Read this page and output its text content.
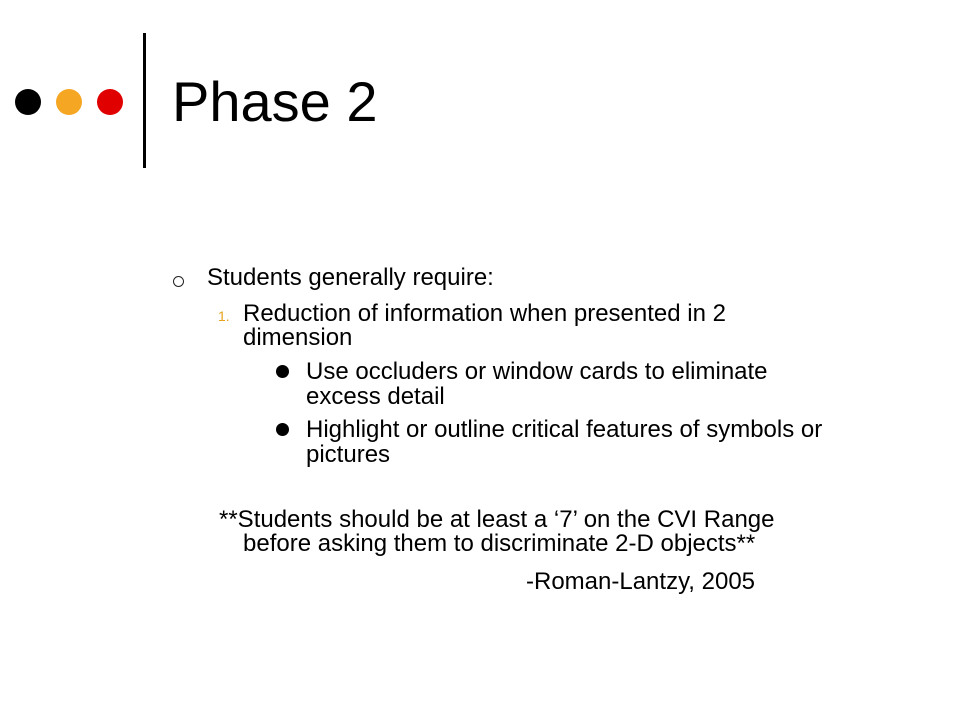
Phase 2
Students generally require:
1. Reduction of information when presented in 2
dimension
Use occluders or window cards to eliminate
excess detail
Highlight or outline critical features of symbols or
pictures
**Students should be at least a ‘7’ on the CVI Range
before asking them to discriminate 2-D objects**
-Roman-Lantzy, 2005
